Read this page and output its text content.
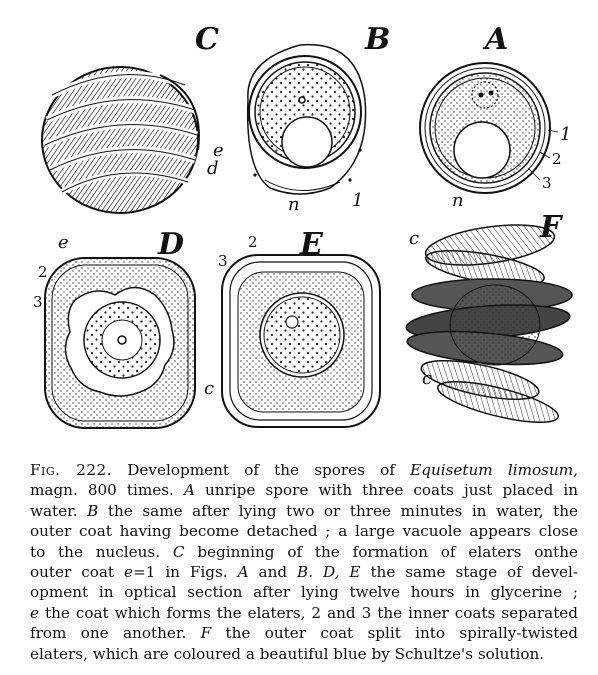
C	B	A
D	E	F
e
d
n	1
1
2
3
n
e
2
3
2
3
c
c
c
Fig. 222. Development of the spores of Equisetum limosum,
magn. 800 times. A unripe spore with three coats just placed in
water. B the same after lying two or three minutes in water, the
outer coat having become detached ; a large vacuole appears close
to the nucleus. C beginning of the formation of elaters onthe
outer coat e=1 in Figs. A and B. D, E the same stage of devel-
opment in optical section after lying twelve hours in glycerine ;
e the coat which forms the elaters, 2 and 3 the inner coats separated
from one another. F the outer coat split into spirally-twisted
elaters, which are coloured a beautiful blue by Schultze's solution.
